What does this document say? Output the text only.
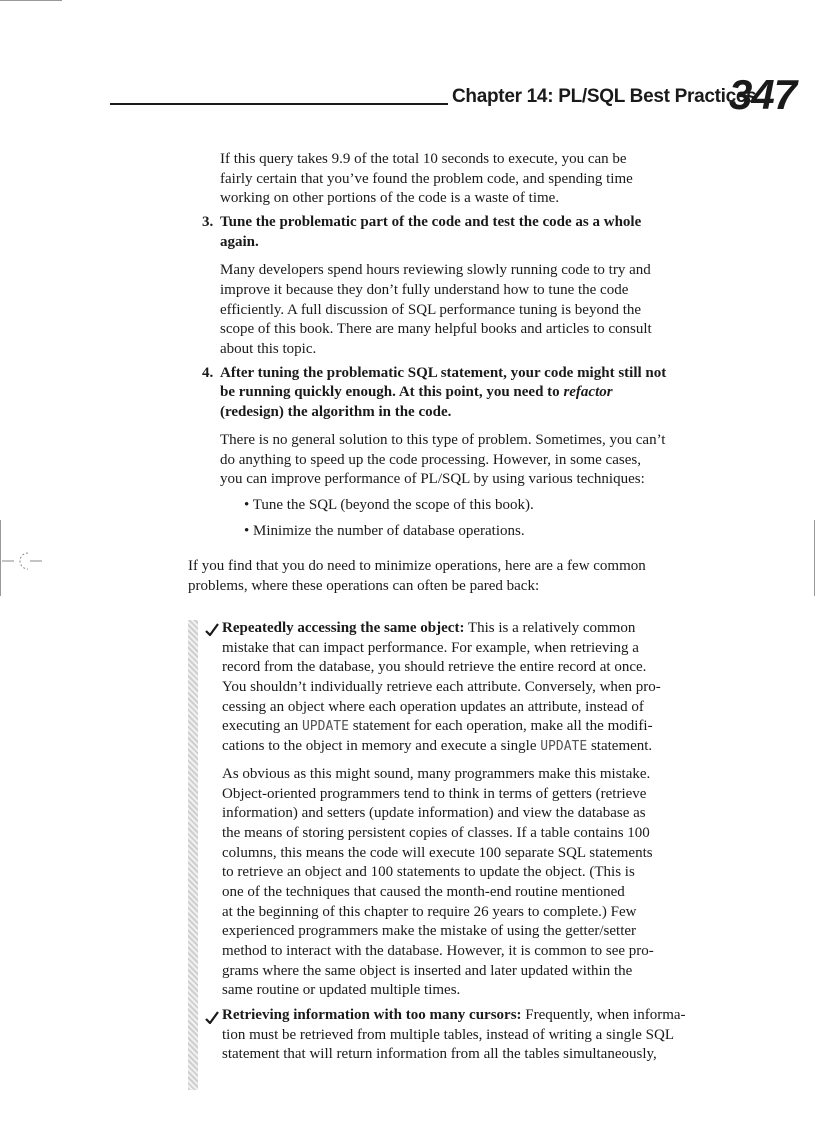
Chapter 14: PL/SQL Best Practices
347
If this query takes 9.9 of the total 10 seconds to execute, you can be
fairly certain that you’ve found the problem code, and spending time
working on other portions of the code is a waste of time.
3. Tune the problematic part of the code and test the code as a whole
again.
Many developers spend hours reviewing slowly running code to try and
improve it because they don’t fully understand how to tune the code
efficiently. A full discussion of SQL performance tuning is beyond the
scope of this book. There are many helpful books and articles to consult
about this topic.
4. After tuning the problematic SQL statement, your code might still not
be running quickly enough. At this point, you need to refactor
(redesign) the algorithm in the code.
There is no general solution to this type of problem. Sometimes, you can’t
do anything to speed up the code processing. However, in some cases,
you can improve performance of PL/SQL by using various techniques:
• Tune the SQL (beyond the scope of this book).
• Minimize the number of database operations.
If you find that you do need to minimize operations, here are a few common
problems, where these operations can often be pared back:
Repeatedly accessing the same object: This is a relatively common
mistake that can impact performance. For example, when retrieving a
record from the database, you should retrieve the entire record at once.
You shouldn’t individually retrieve each attribute. Conversely, when pro-
cessing an object where each operation updates an attribute, instead of
executing an UPDATE statement for each operation, make all the modifi-
cations to the object in memory and execute a single UPDATE statement.
As obvious as this might sound, many programmers make this mistake.
Object-oriented programmers tend to think in terms of getters (retrieve
information) and setters (update information) and view the database as
the means of storing persistent copies of classes. If a table contains 100
columns, this means the code will execute 100 separate SQL statements
to retrieve an object and 100 statements to update the object. (This is
one of the techniques that caused the month-end routine mentioned
at the beginning of this chapter to require 26 years to complete.) Few
experienced programmers make the mistake of using the getter/setter
method to interact with the database. However, it is common to see pro-
grams where the same object is inserted and later updated within the
same routine or updated multiple times.
Retrieving information with too many cursors: Frequently, when informa-
tion must be retrieved from multiple tables, instead of writing a single SQL
statement that will return information from all the tables simultaneously,
